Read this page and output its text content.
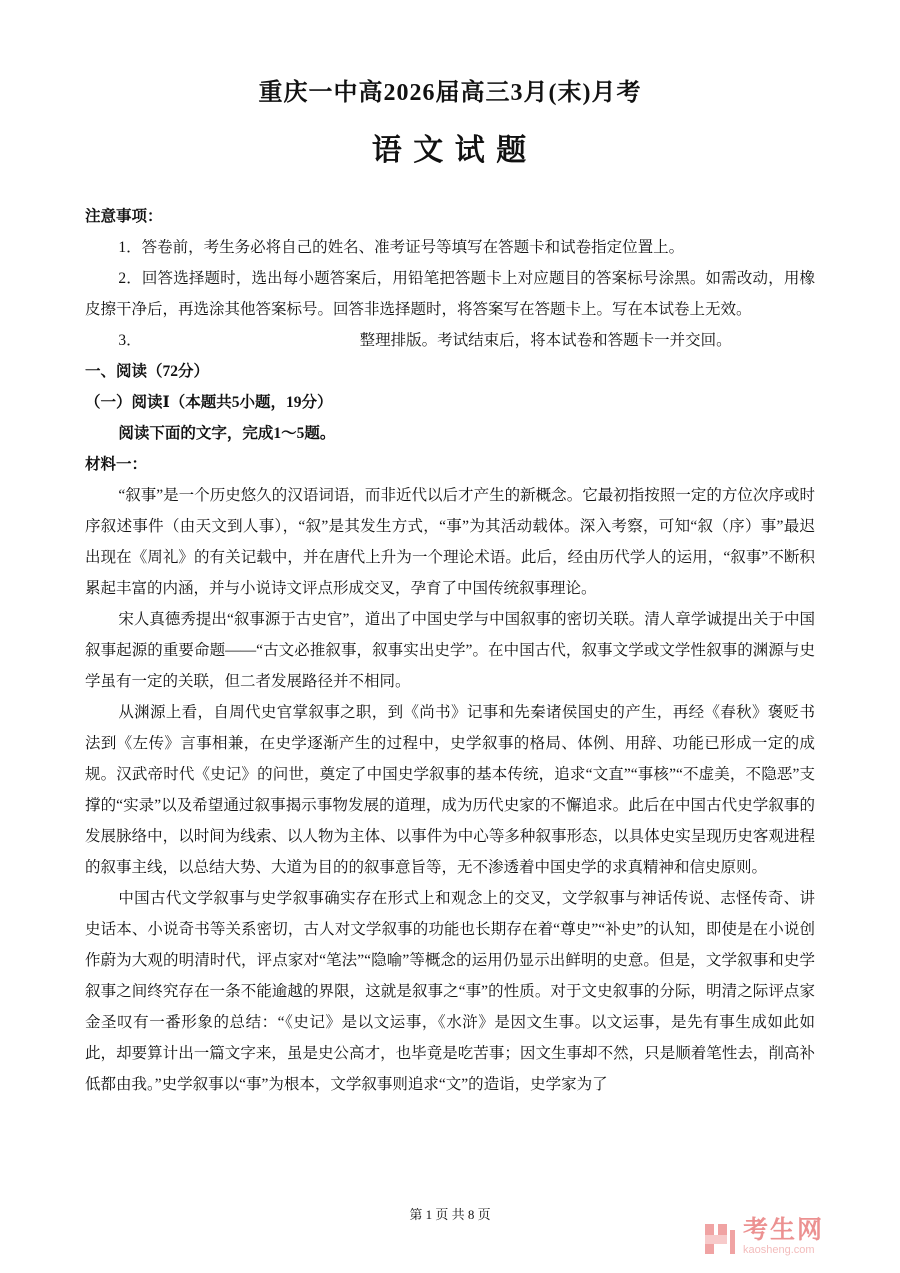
重庆一中高2026届高三3月(末)月考
语 文 试 题

注意事项：

1．答卷前，考生务必将自己的姓名、准考证号等填写在答题卡和试卷指定位置上。

2．回答选择题时，选出每小题答案后，用铅笔把答题卡上对应题目的答案标号涂黑。如需改动，用橡皮擦干净后，再选涂其他答案标号。回答非选择题时，将答案写在答题卡上。写在本试卷上无效。

3．	整理排版。考试结束后，将本试卷和答题卡一并交回。

一、阅读（72分）

（一）阅读Ⅰ（本题共5小题，19分）

阅读下面的文字，完成1～5题。

材料一：

“叙事”是一个历史悠久的汉语词语，而非近代以后才产生的新概念。它最初指按照一定的方位次序或时序叙述事件（由天文到人事），“叙”是其发生方式，“事”为其活动载体。深入考察，可知“叙（序）事”最迟出现在《周礼》的有关记载中，并在唐代上升为一个理论术语。此后，经由历代学人的运用，“叙事”不断积累起丰富的内涵，并与小说诗文评点形成交叉，孕育了中国传统叙事理论。

宋人真德秀提出“叙事源于古史官”，道出了中国史学与中国叙事的密切关联。清人章学诚提出关于中国叙事起源的重要命题——“古文必推叙事，叙事实出史学”。在中国古代，叙事文学或文学性叙事的渊源与史学虽有一定的关联，但二者发展路径并不相同。

从渊源上看，自周代史官掌叙事之职，到《尚书》记事和先秦诸侯国史的产生，再经《春秋》褒贬书法到《左传》言事相兼，在史学逐渐产生的过程中，史学叙事的格局、体例、用辞、功能已形成一定的成规。汉武帝时代《史记》的问世，奠定了中国史学叙事的基本传统，追求“文直”“事核”“不虚美，不隐恶”支撑的“实录”以及希望通过叙事揭示事物发展的道理，成为历代史家的不懈追求。此后在中国古代史学叙事的发展脉络中，以时间为线索、以人物为主体、以事件为中心等多种叙事形态，以具体史实呈现历史客观进程的叙事主线，以总结大势、大道为目的的叙事意旨等，无不渗透着中国史学的求真精神和信史原则。

中国古代文学叙事与史学叙事确实存在形式上和观念上的交叉，文学叙事与神话传说、志怪传奇、讲史话本、小说奇书等关系密切，古人对文学叙事的功能也长期存在着“尊史”“补史”的认知，即使是在小说创作蔚为大观的明清时代，评点家对“笔法”“隐喻”等概念的运用仍显示出鲜明的史意。但是，文学叙事和史学叙事之间终究存在一条不能逾越的界限，这就是叙事之“事”的性质。对于文史叙事的分际，明清之际评点家金圣叹有一番形象的总结：“《史记》是以文运事，《水浒》是因文生事。以文运事，是先有事生成如此如此，却要算计出一篇文字来，虽是史公高才，也毕竟是吃苦事；因文生事却不然，只是顺着笔性去，削高补低都由我。”史学叙事以“事”为根本，文学叙事则追求“文”的造诣，史学家为了

第 1 页 共 8 页
考生网
kaosheng.com
